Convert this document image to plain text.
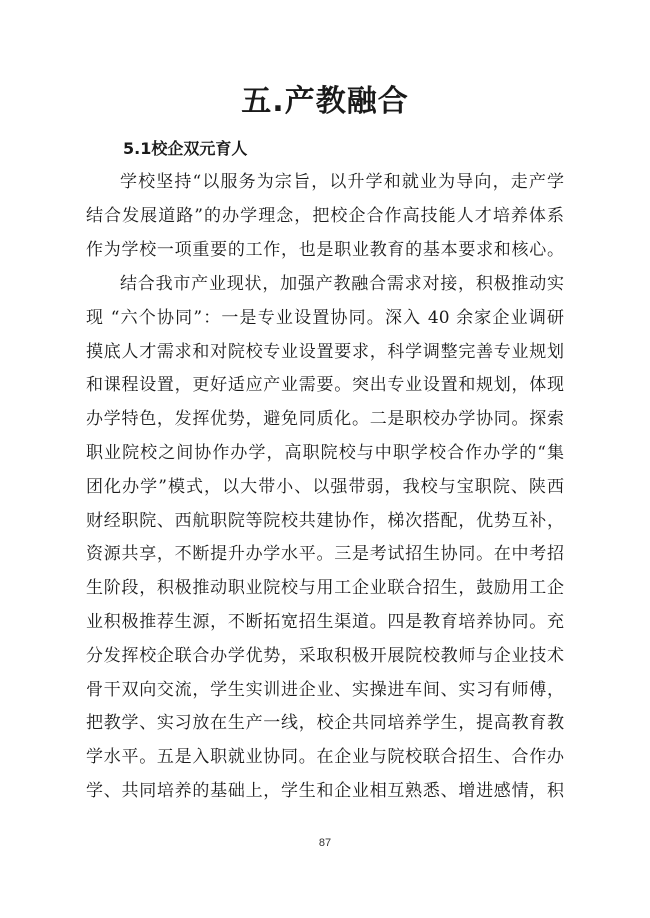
五.产教融合
5.1校企双元育人
学校坚持“以服务为宗旨，以升学和就业为导向，走产学
结合发展道路”的办学理念，把校企合作高技能人才培养体系
作为学校一项重要的工作，也是职业教育的基本要求和核心。
结合我市产业现状，加强产教融合需求对接，积极推动实
现 “六个协同”：一是专业设置协同。深入 40 余家企业调研
摸底人才需求和对院校专业设置要求，科学调整完善专业规划
和课程设置，更好适应产业需要。突出专业设置和规划，体现
办学特色，发挥优势，避免同质化。二是职校办学协同。探索
职业院校之间协作办学，高职院校与中职学校合作办学的“集
团化办学”模式，以大带小、以强带弱，我校与宝职院、陕西
财经职院、西航职院等院校共建协作，梯次搭配，优势互补，
资源共享，不断提升办学水平。三是考试招生协同。在中考招
生阶段，积极推动职业院校与用工企业联合招生，鼓励用工企
业积极推荐生源，不断拓宽招生渠道。四是教育培养协同。充
分发挥校企联合办学优势，采取积极开展院校教师与企业技术
骨干双向交流，学生实训进企业、实操进车间、实习有师傅，
把教学、实习放在生产一线，校企共同培养学生，提高教育教
学水平。五是入职就业协同。在企业与院校联合招生、合作办
学、共同培养的基础上，学生和企业相互熟悉、增进感情，积
87
